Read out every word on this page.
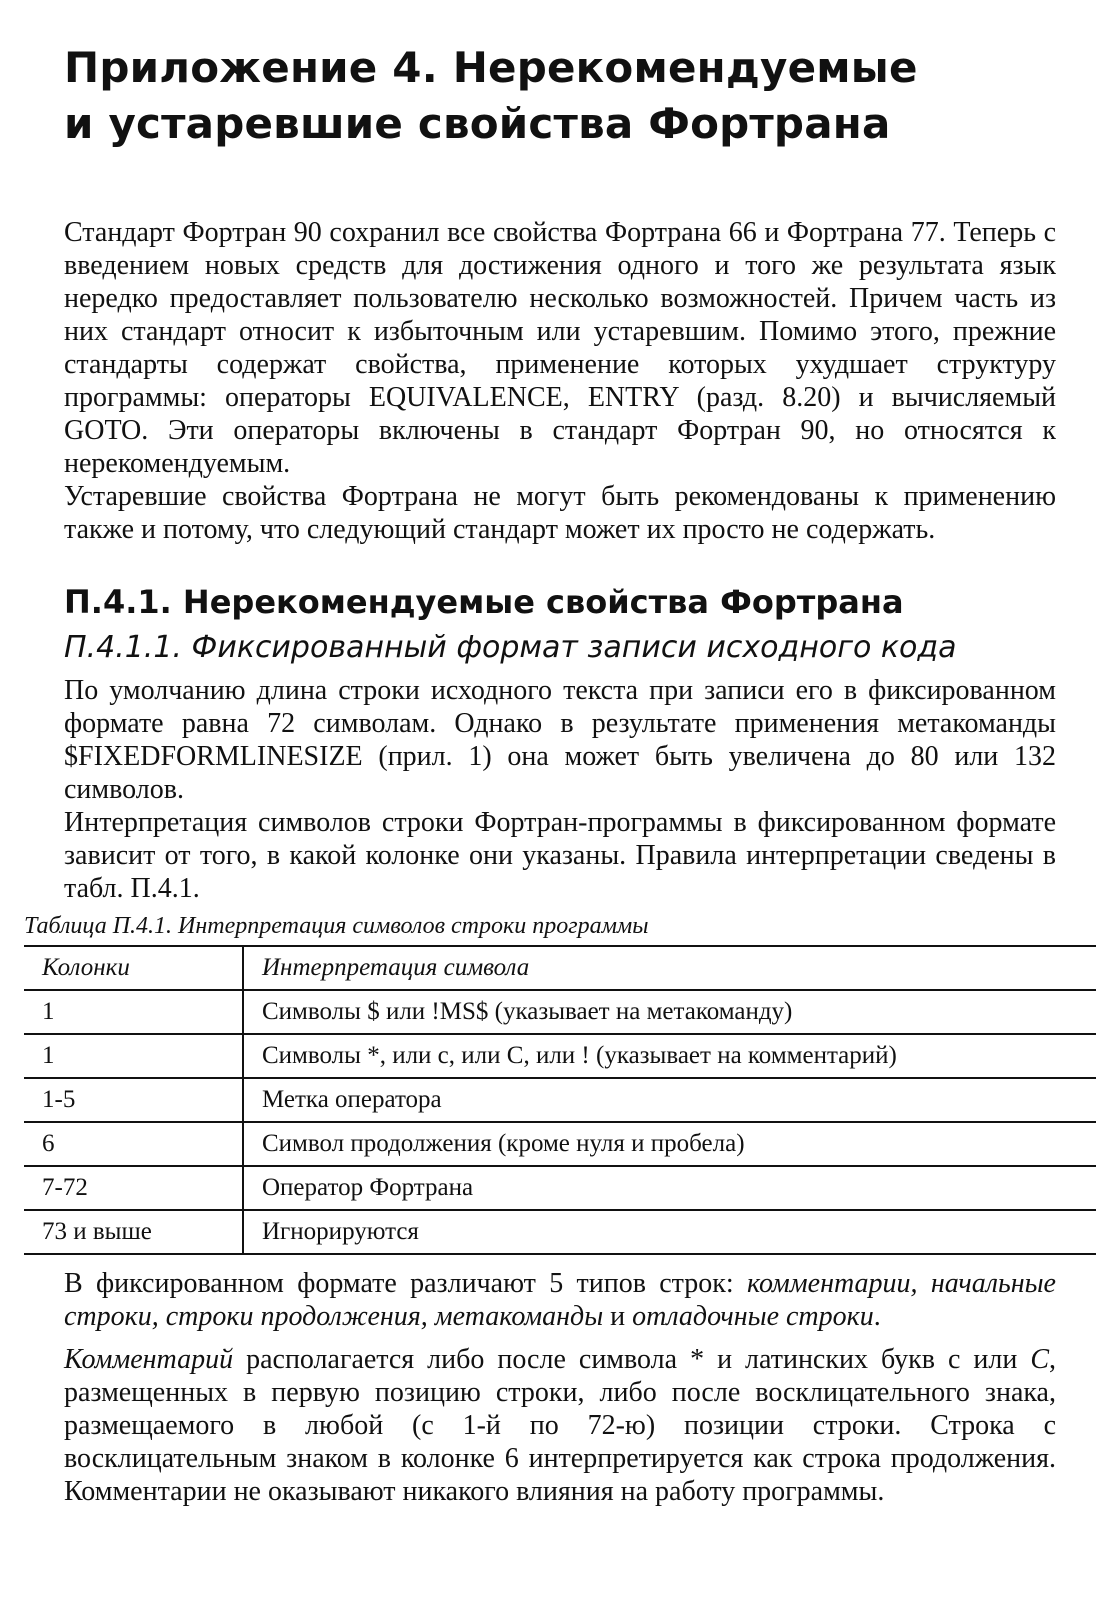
Приложение 4. Нерекомендуемые
и устаревшие свойства Фортрана

Стандарт Фортран 90 сохранил все свойства Фортрана 66 и Фортрана 77. Теперь с введением новых средств для достижения одного и того же результата язык нередко предоставляет пользователю несколько возможностей. Причем часть из них стандарт относит к избыточным или устаревшим. Помимо этого, прежние стандарты содержат свойства, применение которых ухудшает структуру программы: операторы EQUIVALENCE, ENTRY (разд. 8.20) и вычисляемый GOTO. Эти операторы включены в стандарт Фортран 90, но относятся к нерекомендуемым.

Устаревшие свойства Фортрана не могут быть рекомендованы к применению также и потому, что следующий стандарт может их просто не содержать.

П.4.1. Нерекомендуемые свойства Фортрана
П.4.1.1. Фиксированный формат записи исходного кода

По умолчанию длина строки исходного текста при записи его в фиксированном формате равна 72 символам. Однако в результате применения метакоманды $FIXEDFORMLINESIZE (прил. 1) она может быть увеличена до 80 или 132 символов.

Интерпретация символов строки Фортран-программы в фиксированном формате зависит от того, в какой колонке они указаны. Правила интерпретации сведены в табл. П.4.1.

Таблица П.4.1. Интерпретация символов строки программы
Колонки	Интерпретация символа
1	Символы $ или !MS$ (указывает на метакоманду)
1	Символы *, или с, или С, или ! (указывает на комментарий)
1-5	Метка оператора
6	Символ продолжения (кроме нуля и пробела)
7-72	Оператор Фортрана
73 и выше	Игнорируются

В фиксированном формате различают 5 типов строк: комментарии, начальные строки, строки продолжения, метакоманды и отладочные строки.

Комментарий располагается либо после символа * и латинских букв с или С, размещенных в первую позицию строки, либо после восклицательного знака, размещаемого в любой (с 1-й по 72-ю) позиции строки. Строка с восклицательным знаком в колонке 6 интерпретируется как строка продолжения. Комментарии не оказывают никакого влияния на работу программы.
